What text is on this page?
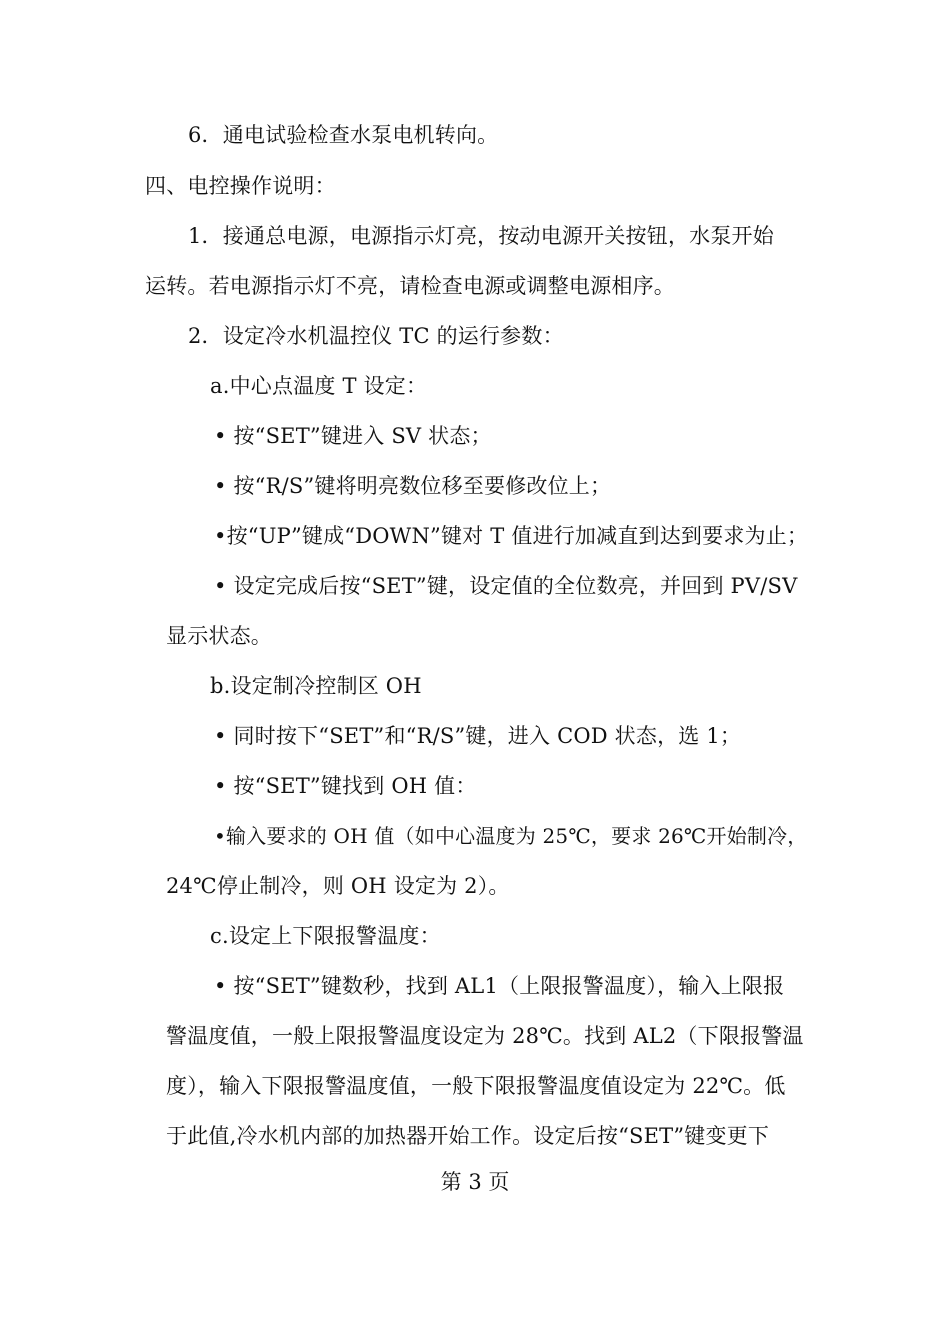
6．通电试验检查水泵电机转向。
四、电控操作说明：
1．接通总电源，电源指示灯亮，按动电源开关按钮，水泵开始
运转。若电源指示灯不亮，请检查电源或调整电源相序。
2．设定冷水机温控仪 TC 的运行参数：
a.中心点温度 T 设定：
• 按“SET”键进入 SV 状态；
• 按“R/S”键将明亮数位移至要修改位上；
•按“UP”键成“DOWN”键对 T 值进行加减直到达到要求为止；
• 设定完成后按“SET”键，设定值的全位数亮，并回到 PV/SV
显示状态。
b.设定制冷控制区 OH
• 同时按下“SET”和“R/S”键，进入 COD 状态，选 1；
• 按“SET”键找到 OH 值：
•输入要求的 OH 值（如中心温度为 25℃，要求 26℃开始制冷，
24℃停止制冷，则 OH 设定为 2）。
c.设定上下限报警温度：
• 按“SET”键数秒，找到 AL1（上限报警温度），输入上限报
警温度值，一般上限报警温度设定为 28℃。找到 AL2（下限报警温
度），输入下限报警温度值，一般下限报警温度值设定为 22℃。低
于此值,冷水机内部的加热器开始工作。设定后按“SET”键变更下
第 3 页
